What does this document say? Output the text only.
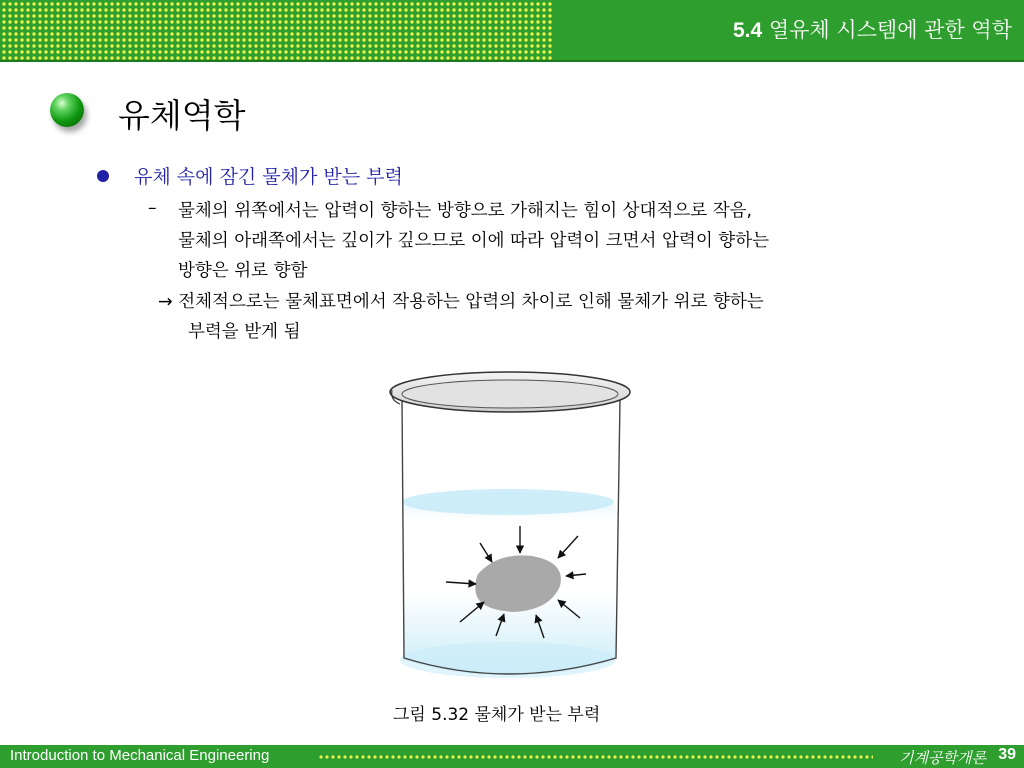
5.4 열유체 시스템에 관한 역학
유체역학
유체 속에 잠긴 물체가 받는 부력
– 물체의 위쪽에서는 압력이 향하는 방향으로 가해지는 힘이 상대적으로 작음,
물체의 아래쪽에서는 깊이가 깊으므로 이에 따라 압력이 크면서 압력이 향하는
방향은 위로 향함
→ 전체적으로는 물체표면에서 작용하는 압력의 차이로 인해 물체가 위로 향하는
부력을 받게 됨
그림 5.32 물체가 받는 부력
Introduction to Mechanical Engineering	기계공학개론 39
